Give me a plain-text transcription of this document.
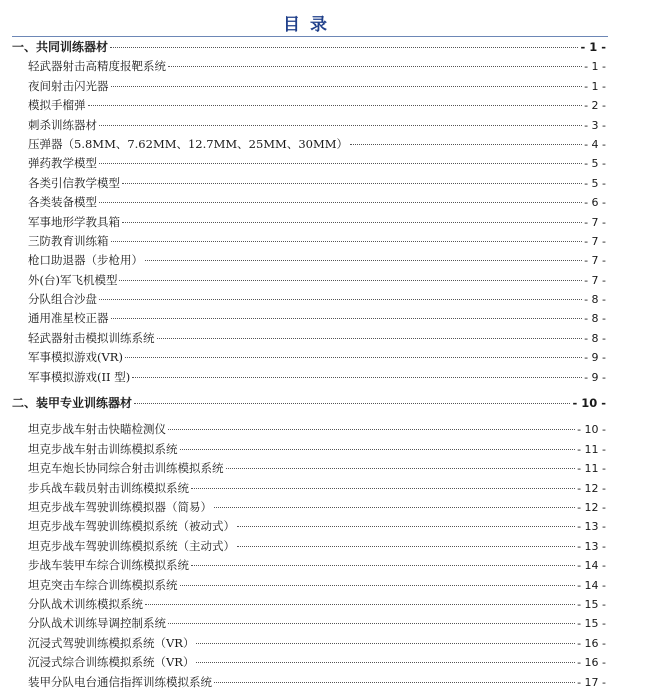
目录
一、共同训练器材	- 1 -
轻武器射击高精度报靶系统	- 1 -
夜间射击闪光器	- 1 -
模拟手榴弹	- 2 -
刺杀训练器材	- 3 -
压弹器（5.8MM、7.62MM、12.7MM、25MM、30MM）	- 4 -
弹药教学模型	- 5 -
各类引信教学模型	- 5 -
各类装备模型	- 6 -
军事地形学教具箱	- 7 -
三防教育训练箱	- 7 -
枪口助退器（步枪用）	- 7 -
外(台)军飞机模型	- 7 -
分队组合沙盘	- 8 -
通用准星校正器	- 8 -
轻武器射击模拟训练系统	- 8 -
军事模拟游戏(VR)	- 9 -
军事模拟游戏(II 型)	- 9 -
二、装甲专业训练器材	- 10 -
坦克步战车射击快瞄检测仪	- 10 -
坦克步战车射击训练模拟系统	- 11 -
坦克车炮长协同综合射击训练模拟系统	- 11 -
步兵战车载员射击训练模拟系统	- 12 -
坦克步战车驾驶训练模拟器（简易）	- 12 -
坦克步战车驾驶训练模拟系统（被动式）	- 13 -
坦克步战车驾驶训练模拟系统（主动式）	- 13 -
步战车装甲车综合训练模拟系统	- 14 -
坦克突击车综合训练模拟系统	- 14 -
分队战术训练模拟系统	- 15 -
分队战术训练导调控制系统	- 15 -
沉浸式驾驶训练模拟系统（VR）	- 16 -
沉浸式综合训练模拟系统（VR）	- 16 -
装甲分队电台通信指挥训练模拟系统	- 17 -
